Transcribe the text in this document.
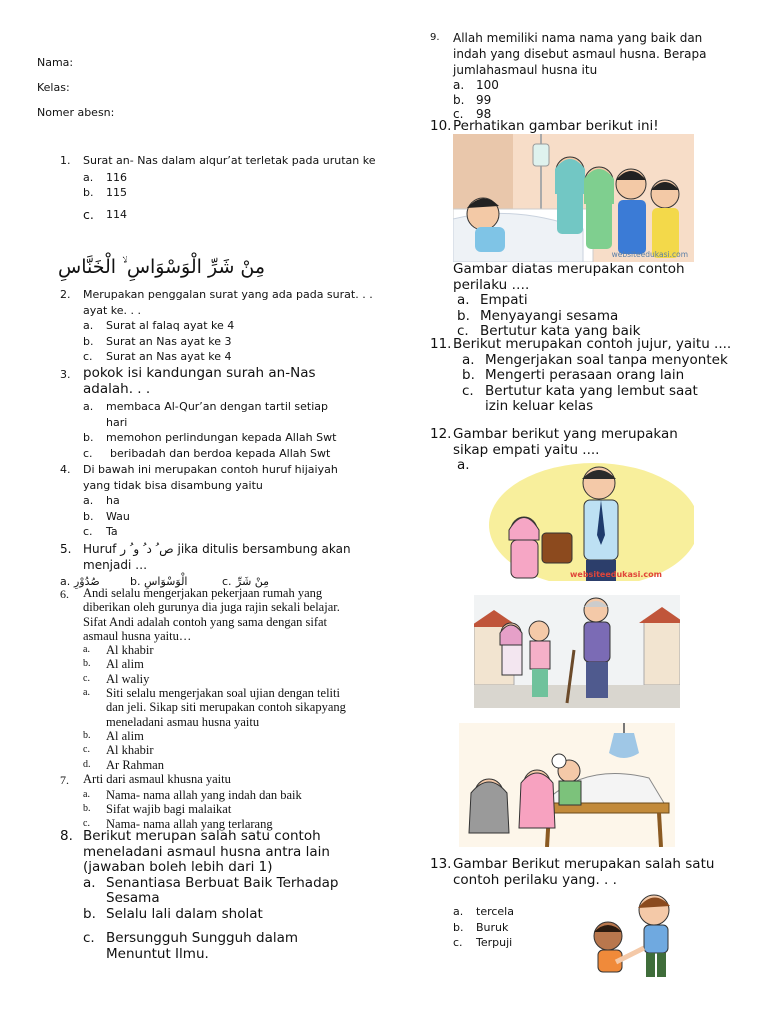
Nama:
Kelas:
Nomer abesn:
1.	Surat an- Nas dalam alqur’at terletak pada urutan ke
a.	116
b.	115
c.	114
مِنْ شَرِّ الْوَسْوَاسِ ۙ الْخَنَّاسِ
2.	Merupakan penggalan surat yang ada pada surat. . . ayat ke. . .
a.	Surat al falaq ayat ke 4
b.	Surat an Nas ayat ke 3
c.	Surat an Nas ayat ke 4
3. pokok isi kandungan surah an-Nas adalah. . .
a.	membaca Al-Qur’an dengan tartil setiap hari
b.	memohon perlindungan kepada Allah Swt
c.	beribadah dan berdoa kepada Allah Swt
4.	Di bawah ini merupakan contoh huruf hijaiyah yang tidak bisa disambung yaitu
a.	ha
b.	Wau
c.	Ta
5. Huruf ص ُ د ُ و ُ ر jika ditulis bersambung akan menjadi …
a. صُدُوْرِ	b. الْوَسْوَاسِ	c. مِنْ شَرِّ
6.	Andi selalu mengerjakan pekerjaan rumah yang diberikan oleh gurunya dia juga rajin sekali belajar. Sifat Andi adalah contoh yang sama dengan sifat asmaul husna yaitu…
a.	Al khabir
b.	Al alim
c.	Al waliy
a.	Siti selalu mengerjakan soal ujian dengan teliti dan jeli. Sikap siti merupakan contoh sikapyang meneladani asmau husna yaitu
b.	Al alim
c.	Al khabir
d.	Ar Rahman
7.	Arti dari asmaul khusna yaitu
a.	Nama- nama allah yang indah dan baik
b.	Sifat wajib bagi malaikat
c.	Nama- nama allah yang terlarang
8. Berikut merupan salah satu contoh meneladani asmaul husna antra lain (jawaban boleh lebih dari 1)
a. Senantiasa Berbuat Baik Terhadap Sesama
b. Selalu lali dalam sholat
c. Bersungguh Sungguh dalam Menuntut Ilmu.
9.	Allah memiliki nama nama yang baik dan indah yang disebut asmaul husna. Berapa jumlahasmaul husna itu
a. 100
b. 99
c.	98
10. Perhatikan gambar berikut ini!
websiteedukasi.com
Gambar diatas merupakan contoh perilaku ….
a. Empati
b. Menyayangi sesama
c. Bertutur kata yang baik
11. Berikut merupakan contoh jujur, yaitu ....
a. Mengerjakan soal tanpa menyontek
b. Mengerti perasaan orang lain
c. Bertutur kata yang lembut saat izin keluar kelas
12. Gambar berikut yang merupakan sikap empati yaitu ....
a.
websiteedukasi.com
13. Gambar Berikut merupakan salah satu contoh perilaku yang. . .
a.	tercela
b.	Buruk
c.	Terpuji
